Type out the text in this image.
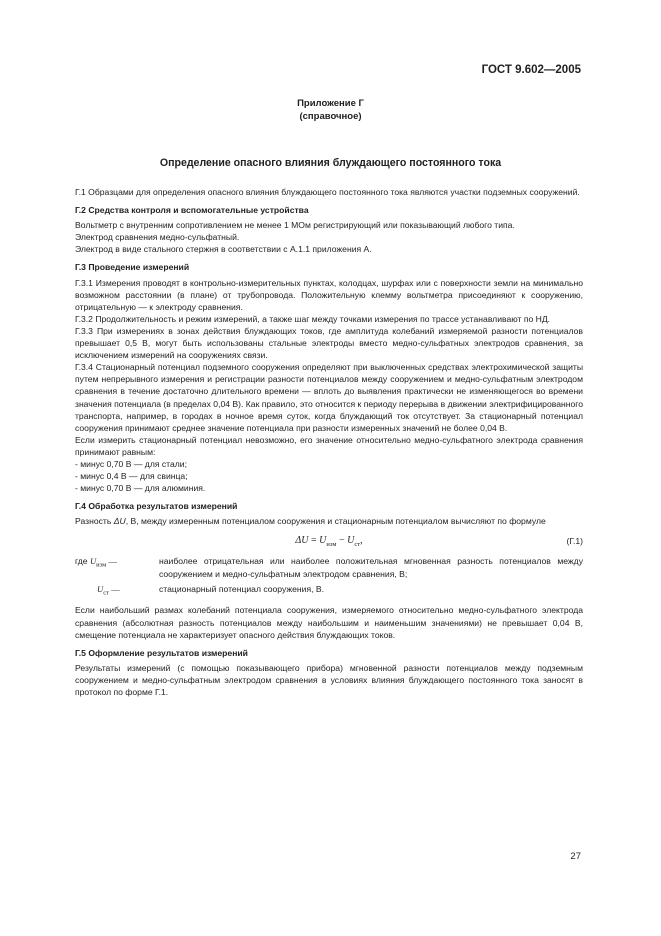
ГОСТ 9.602—2005
Приложение Г
(справочное)
Определение опасного влияния блуждающего постоянного тока

Г.1 Образцами для определения опасного влияния блуждающего постоянного тока являются участки подземных сооружений.

Г.2 Средства контроля и вспомогательные устройства

Вольтметр с внутренним сопротивлением не менее 1 МОм регистрирующий или показывающий любого типа.

Электрод сравнения медно-сульфатный.

Электрод в виде стального стержня в соответствии с А.1.1 приложения А.

Г.3 Проведение измерений

Г.3.1 Измерения проводят в контрольно-измерительных пунктах, колодцах, шурфах или с поверхности земли на минимально возможном расстоянии (в плане) от трубопровода. Положительную клемму вольтметра присоединяют к сооружению, отрицательную — к электроду сравнения.

Г.3.2 Продолжительность и режим измерений, а также шаг между точками измерения по трассе устанавливают по НД.

Г.3.3 При измерениях в зонах действия блуждающих токов, где амплитуда колебаний измеряемой разности потенциалов превышает 0,5 В, могут быть использованы стальные электроды вместо медно-сульфатных электродов сравнения, за исключением измерений на сооружениях связи.

Г.3.4 Стационарный потенциал подземного сооружения определяют при выключенных средствах электрохимической защиты путем непрерывного измерения и регистрации разности потенциалов между сооружением и медно-сульфатным электродом сравнения в течение достаточно длительного времени — вплоть до выявления практически не изменяющегося во времени значения потенциала (в пределах 0,04 В). Как правило, это относится к периоду перерыва в движении электрифицированного транспорта, например, в городах в ночное время суток, когда блуждающий ток отсутствует. За стационарный потенциал сооружения принимают среднее значение потенциала при разности измеренных значений не более 0,04 В.

Если измерить стационарный потенциал невозможно, его значение относительно медно-сульфатного электрода сравнения принимают равным:

- минус 0,70 В — для стали;

- минус 0,4 В — для свинца;

- минус 0,70 В — для алюминия.

Г.4 Обработка результатов измерений

Разность ΔU, В, между измеренным потенциалом сооружения и стационарным потенциалом вычисляют по формуле

$\Delta U = U_{изм} - U_{ст}$,	(Г.1)
где $U_{изм}$ —	наиболее отрицательная или наиболее положительная мгновенная разность потенциалов между сооружением и медно-сульфатным электродом сравнения, В;
$U_{ст}$ —	стационарный потенциал сооружения, В.

Если наибольший размах колебаний потенциала сооружения, измеряемого относительно медно-сульфатного электрода сравнения (абсолютная разность потенциалов между наибольшим и наименьшим значениями) не превышает 0,04 В, смещение потенциала не характеризует опасного действия блуждающих токов.

Г.5 Оформление результатов измерений

Результаты измерений (с помощью показывающего прибора) мгновенной разности потенциалов между подземным сооружением и медно-сульфатным электродом сравнения в условиях влияния блуждающего постоянного тока заносят в протокол по форме Г.1.

27
